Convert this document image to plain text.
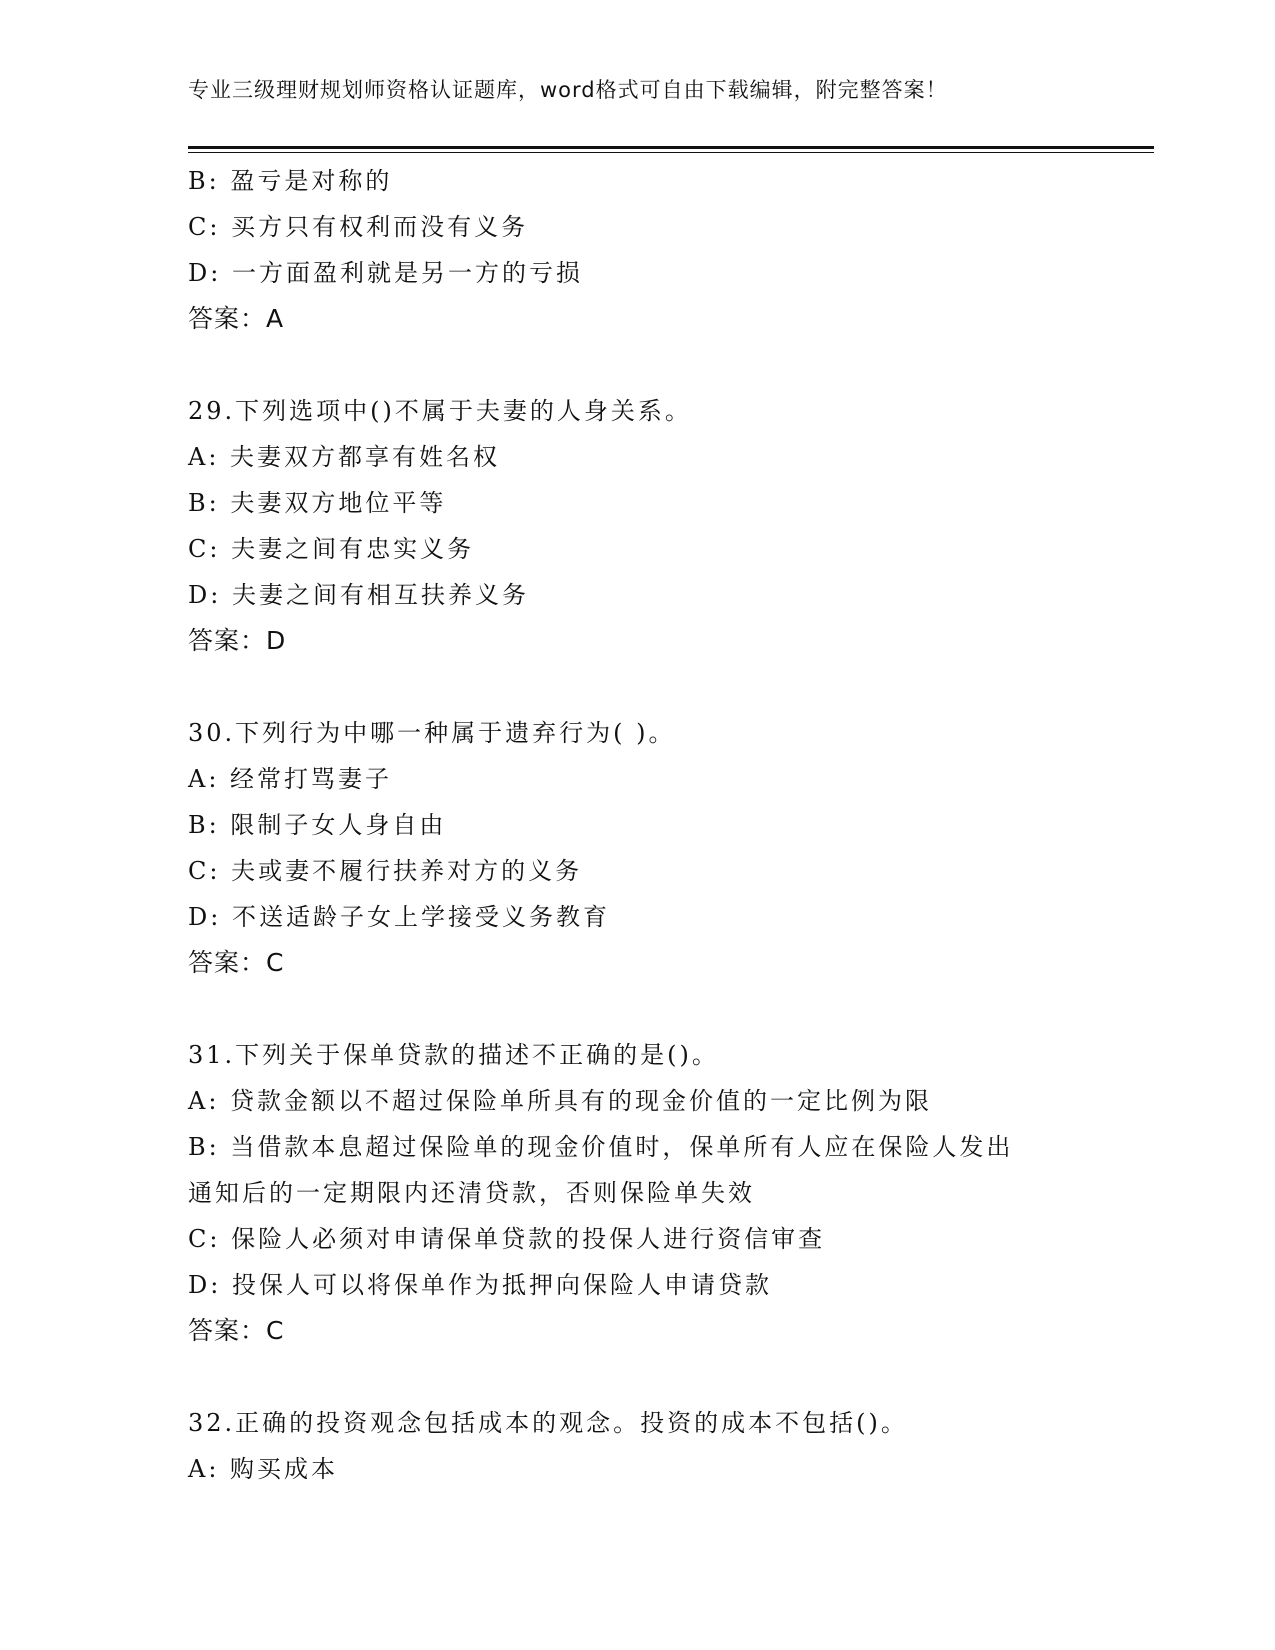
专业三级理财规划师资格认证题库，word格式可自由下载编辑，附完整答案！
B: 盈亏是对称的
C: 买方只有权利而没有义务
D: 一方面盈利就是另一方的亏损
答案：A
29.下列选项中()不属于夫妻的人身关系。
A: 夫妻双方都享有姓名权
B: 夫妻双方地位平等
C: 夫妻之间有忠实义务
D: 夫妻之间有相互扶养义务
答案：D
30.下列行为中哪一种属于遗弃行为( )。
A: 经常打骂妻子
B: 限制子女人身自由
C: 夫或妻不履行扶养对方的义务
D: 不送适龄子女上学接受义务教育
答案：C
31.下列关于保单贷款的描述不正确的是()。
A: 贷款金额以不超过保险单所具有的现金价值的一定比例为限
B: 当借款本息超过保险单的现金价值时，保单所有人应在保险人发出
通知后的一定期限内还清贷款，否则保险单失效
C: 保险人必须对申请保单贷款的投保人进行资信审查
D: 投保人可以将保单作为抵押向保险人申请贷款
答案：C
32.正确的投资观念包括成本的观念。投资的成本不包括()。
A: 购买成本
